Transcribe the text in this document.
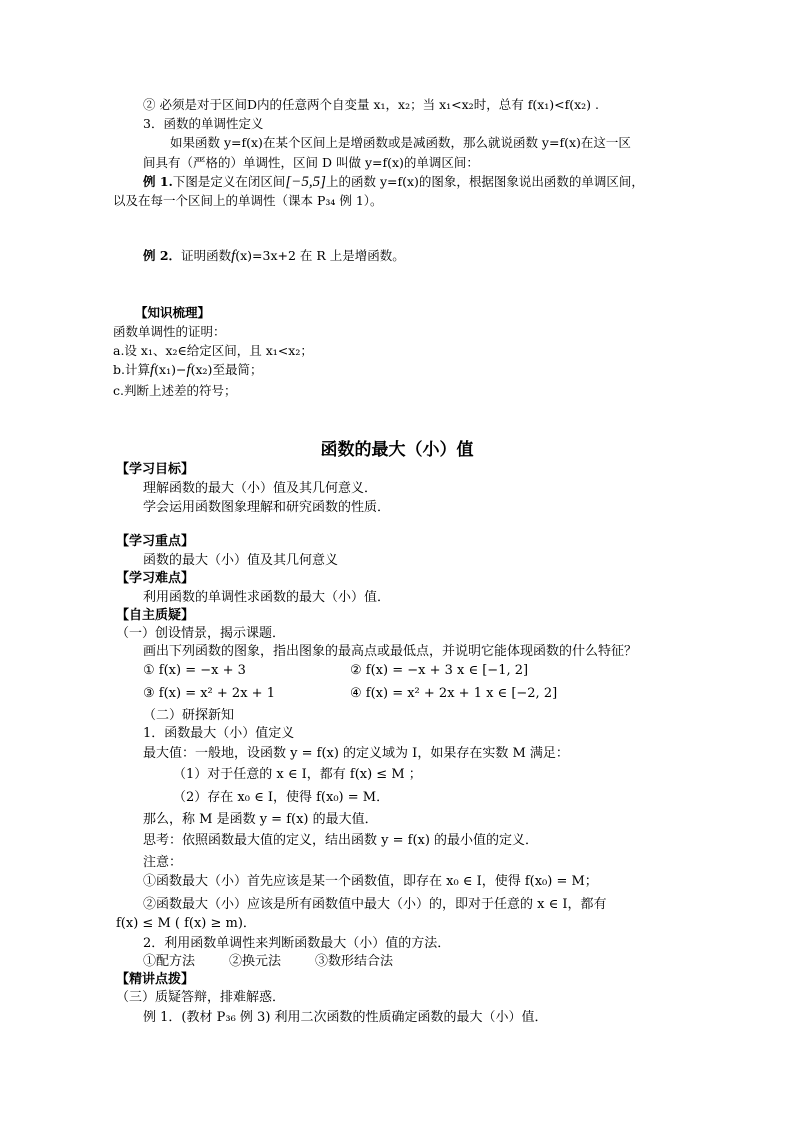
② 必须是对于区间D内的任意两个自变量 x₁，x₂；当 x₁<x₂时，总有 f(x₁)<f(x₂) .
3．函数的单调性定义
如果函数 y=f(x)在某个区间上是增函数或是减函数，那么就说函数 y=f(x)在这一区
间具有（严格的）单调性，区间 D 叫做 y=f(x)的单调区间：
例 1.下图是定义在闭区间[−5,5]上的函数 y=f(x)的图象，根据图象说出函数的单调区间，
以及在每一个区间上的单调性（课本 P₃₄ 例 1）。
例 2．证明函数f(x)=3x+2 在 R 上是增函数。
【知识梳理】
函数单调性的证明：
a.设 x₁、x₂∈给定区间，且 x₁<x₂；
b.计算f(x₁)−f(x₂)至最简；
c.判断上述差的符号；
函数的最大（小）值
【学习目标】
理解函数的最大（小）值及其几何意义．
学会运用函数图象理解和研究函数的性质．
【学习重点】
函数的最大（小）值及其几何意义
【学习难点】
利用函数的单调性求函数的最大（小）值．
【自主质疑】
（一）创设情景，揭示课题．
画出下列函数的图象，指出图象的最高点或最低点，并说明它能体现函数的什么特征？
① f(x) = −x + 3	② f(x) = −x + 3 x ∈ [−1, 2]
③ f(x) = x² + 2x + 1	④ f(x) = x² + 2x + 1 x ∈ [−2, 2]
（二）研探新知
1．函数最大（小）值定义
最大值：一般地，设函数 y = f(x) 的定义域为 I，如果存在实数 M 满足：
（1）对于任意的 x ∈ I，都有 f(x) ≤ M ；
（2）存在 x₀ ∈ I，使得 f(x₀) = M．
那么，称 M 是函数 y = f(x) 的最大值．
思考：依照函数最大值的定义，结出函数 y = f(x) 的最小值的定义．
注意：
①函数最大（小）首先应该是某一个函数值，即存在 x₀ ∈ I，使得 f(x₀) = M；
②函数最大（小）应该是所有函数值中最大（小）的，即对于任意的 x ∈ I，都有
f(x) ≤ M ( f(x) ≥ m)．
2．利用函数单调性来判断函数最大（小）值的方法．
①配方法	②换元法	③数形结合法
【精讲点拨】
（三）质疑答辩，排难解惑．
例 1．(教材 P₃₆ 例 3) 利用二次函数的性质确定函数的最大（小）值．
